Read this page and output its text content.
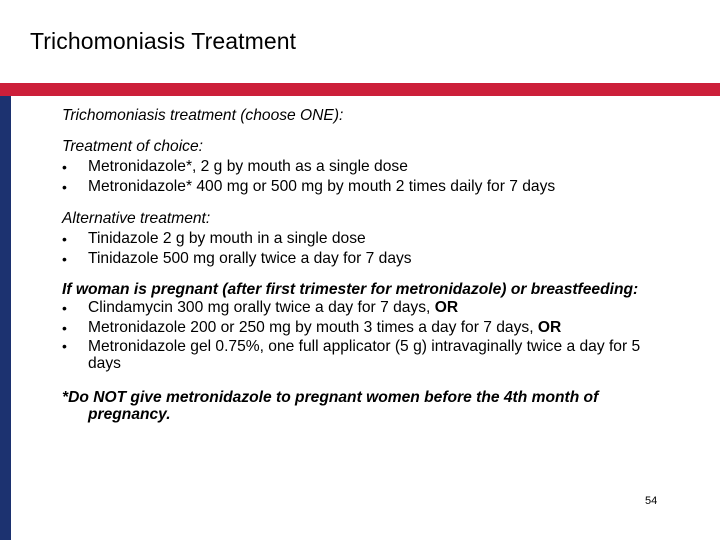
Trichomoniasis Treatment

Trichomoniasis treatment (choose ONE):

Treatment of choice:

•	Metronidazole*, 2 g by mouth as a single dose
•	Metronidazole* 400 mg or 500 mg by mouth 2 times daily for 7 days

Alternative treatment:

•	Tinidazole 2 g by mouth in a single dose
•	Tinidazole 500 mg orally twice a day for 7 days

If woman is pregnant (after first trimester for metronidazole) or breastfeeding:

•	Clindamycin 300 mg orally twice a day for 7 days, OR
•	Metronidazole 200 or 250 mg by mouth 3 times a day for 7 days, OR
•	Metronidazole gel 0.75%, one full applicator (5 g) intravaginally twice a day for 5 days

*Do NOT give metronidazole to pregnant women before the 4th month of pregnancy.

54
